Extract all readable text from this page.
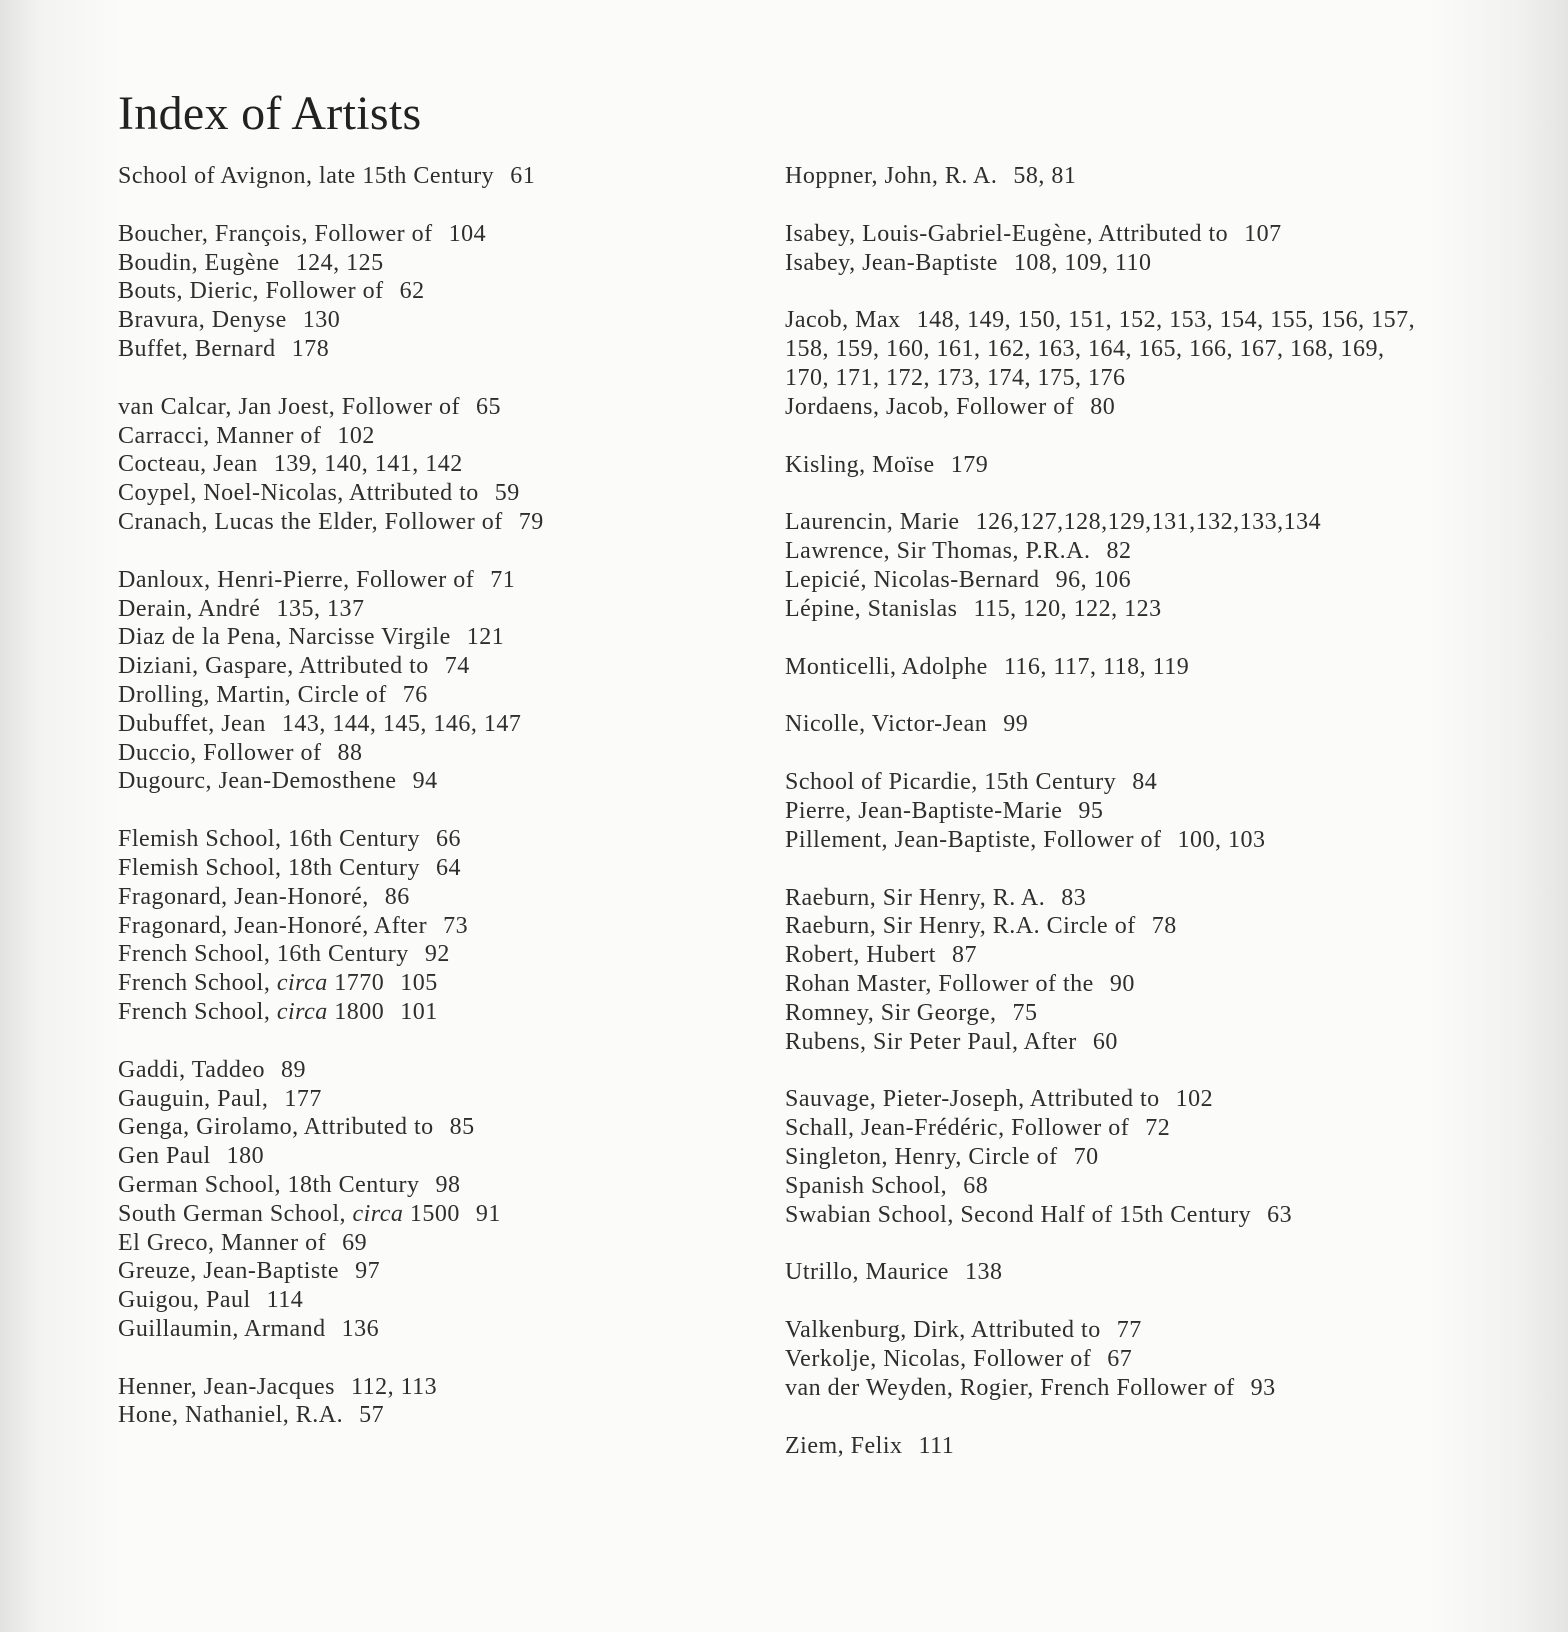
Index of Artists
School of Avignon, late 15th Century 61
Boucher, François, Follower of 104
Boudin, Eugène 124, 125
Bouts, Dieric, Follower of 62
Bravura, Denyse 130
Buffet, Bernard 178
van Calcar, Jan Joest, Follower of 65
Carracci, Manner of 102
Cocteau, Jean 139, 140, 141, 142
Coypel, Noel-Nicolas, Attributed to 59
Cranach, Lucas the Elder, Follower of 79
Danloux, Henri-Pierre, Follower of 71
Derain, André 135, 137
Diaz de la Pena, Narcisse Virgile 121
Diziani, Gaspare, Attributed to 74
Drolling, Martin, Circle of 76
Dubuffet, Jean 143, 144, 145, 146, 147
Duccio, Follower of 88
Dugourc, Jean-Demosthene 94
Flemish School, 16th Century 66
Flemish School, 18th Century 64
Fragonard, Jean-Honoré, 86
Fragonard, Jean-Honoré, After 73
French School, 16th Century 92
French School, circa 1770 105
French School, circa 1800 101
Gaddi, Taddeo 89
Gauguin, Paul, 177
Genga, Girolamo, Attributed to 85
Gen Paul 180
German School, 18th Century 98
South German School, circa 1500 91
El Greco, Manner of 69
Greuze, Jean-Baptiste 97
Guigou, Paul 114
Guillaumin, Armand 136
Henner, Jean-Jacques 112, 113
Hone, Nathaniel, R.A. 57
Hoppner, John, R. A. 58, 81
Isabey, Louis-Gabriel-Eugène, Attributed to 107
Isabey, Jean-Baptiste 108, 109, 110
Jacob, Max 148, 149, 150, 151, 152, 153, 154, 155, 156, 157, 158, 159, 160, 161, 162, 163, 164, 165, 166, 167, 168, 169, 170, 171, 172, 173, 174, 175, 176
Jordaens, Jacob, Follower of 80
Kisling, Moïse 179
Laurencin, Marie 126,127,128,129,131,132,133,134
Lawrence, Sir Thomas, P.R.A. 82
Lepicié, Nicolas-Bernard 96, 106
Lépine, Stanislas 115, 120, 122, 123
Monticelli, Adolphe 116, 117, 118, 119
Nicolle, Victor-Jean 99
School of Picardie, 15th Century 84
Pierre, Jean-Baptiste-Marie 95
Pillement, Jean-Baptiste, Follower of 100, 103
Raeburn, Sir Henry, R. A. 83
Raeburn, Sir Henry, R.A. Circle of 78
Robert, Hubert 87
Rohan Master, Follower of the 90
Romney, Sir George, 75
Rubens, Sir Peter Paul, After 60
Sauvage, Pieter-Joseph, Attributed to 102
Schall, Jean-Frédéric, Follower of 72
Singleton, Henry, Circle of 70
Spanish School, 68
Swabian School, Second Half of 15th Century 63
Utrillo, Maurice 138
Valkenburg, Dirk, Attributed to 77
Verkolje, Nicolas, Follower of 67
van der Weyden, Rogier, French Follower of 93
Ziem, Felix 111
